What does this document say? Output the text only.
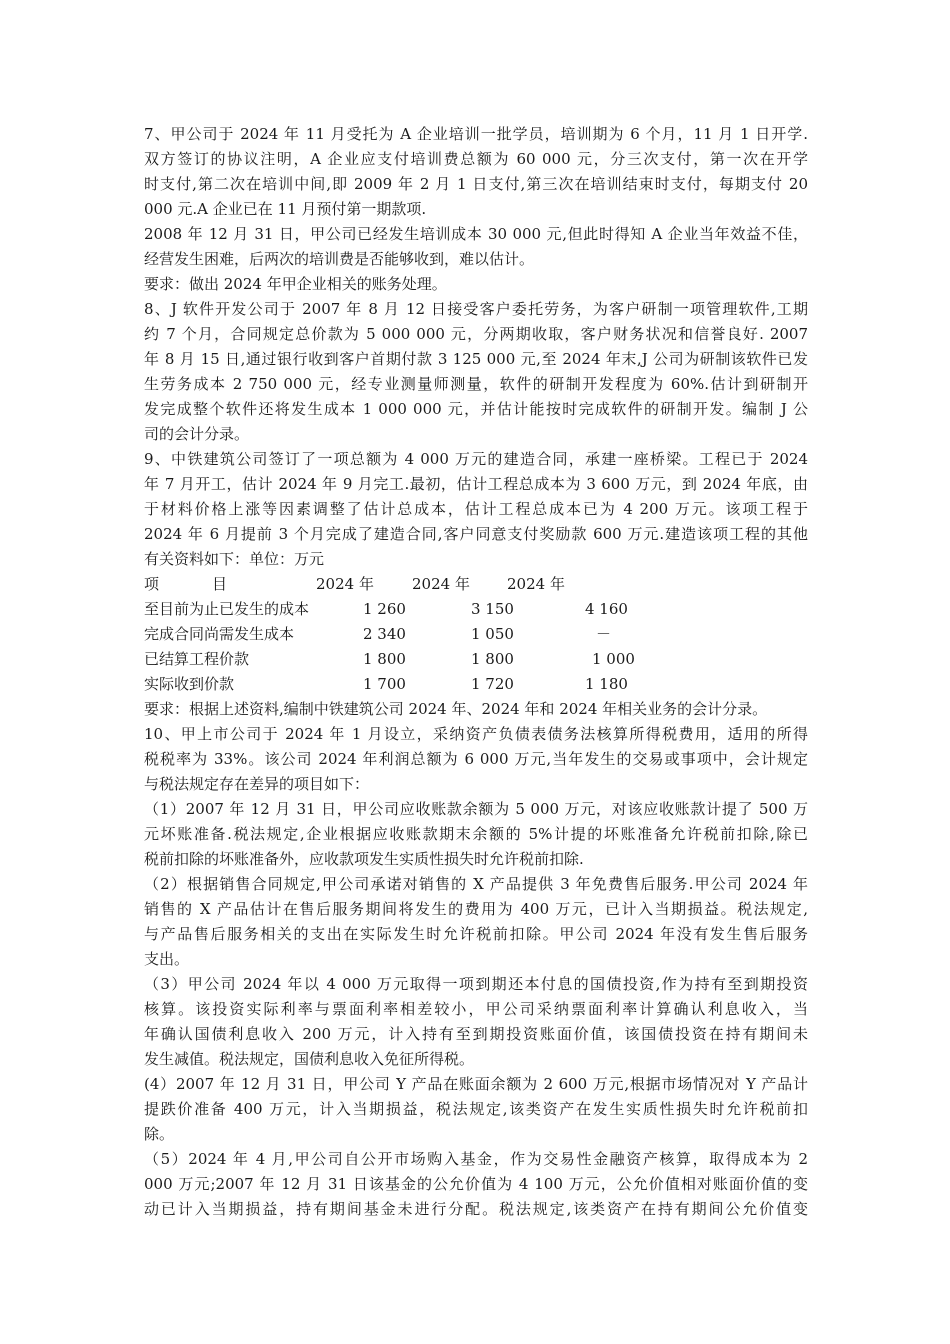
7、甲公司于 2024 年 11 月受托为 A 企业培训一批学员，培训期为 6 个月，11 月 1 日开学.
双方签订的协议注明，A 企业应支付培训费总额为 60 000 元，分三次支付，第一次在开学
时支付,第二次在培训中间,即 2009 年 2 月 1 日支付,第三次在培训结束时支付，每期支付 20
000 元.A 企业已在 11 月预付第一期款项.
2008 年 12 月 31 日，甲公司已经发生培训成本 30 000 元,但此时得知 A 企业当年效益不佳，
经营发生困难，后两次的培训费是否能够收到，难以估计。
要求：做出 2024 年甲企业相关的账务处理。
8、J 软件开发公司于 2007 年 8 月 12 日接受客户委托劳务，为客户研制一项管理软件,工期
约 7 个月，合同规定总价款为 5 000 000 元，分两期收取，客户财务状况和信誉良好. 2007
年 8 月 15 日,通过银行收到客户首期付款 3 125 000 元,至 2024 年末,J 公司为研制该软件已发
生劳务成本 2 750 000 元，经专业测量师测量，软件的研制开发程度为 60%.估计到研制开
发完成整个软件还将发生成本 1 000 000 元，并估计能按时完成软件的研制开发。编制 J 公
司的会计分录。
9、中铁建筑公司签订了一项总额为 4 000 万元的建造合同，承建一座桥梁。工程已于 2024
年 7 月开工，估计 2024 年 9 月完工.最初，估计工程总成本为 3 600 万元，到 2024 年底，由
于材料价格上涨等因素调整了估计总成本，估计工程总成本已为 4 200 万元。该项工程于
2024 年 6 月提前 3 个月完成了建造合同,客户同意支付奖励款 600 万元.建造该项工程的其他
有关资料如下：单位：万元
项	目	2024 年	2024 年 2024 年
至目前为止已发生的成本	1 260	3 150	4 160
完成合同尚需发生成本	2 340	1 050	－
已结算工程价款	1 800	1 800	1 000
实际收到价款	1 700	1 720	1 180
要求：根据上述资料,编制中铁建筑公司 2024 年、2024 年和 2024 年相关业务的会计分录。
10、甲上市公司于 2024 年 1 月设立，采纳资产负债表债务法核算所得税费用，适用的所得
税税率为 33%。该公司 2024 年利润总额为 6 000 万元,当年发生的交易或事项中，会计规定
与税法规定存在差异的项目如下：
（1）2007 年 12 月 31 日，甲公司应收账款余额为 5 000 万元，对该应收账款计提了 500 万
元坏账准备.税法规定,企业根据应收账款期末余额的 5%计提的坏账准备允许税前扣除,除已
税前扣除的坏账准备外，应收款项发生实质性损失时允许税前扣除.
（2）根据销售合同规定,甲公司承诺对销售的 X 产品提供 3 年免费售后服务.甲公司 2024 年
销售的 X 产品估计在售后服务期间将发生的费用为 400 万元，已计入当期损益。税法规定,
与产品售后服务相关的支出在实际发生时允许税前扣除。甲公司 2024 年没有发生售后服务
支出。
（3）甲公司 2024 年以 4 000 万元取得一项到期还本付息的国债投资,作为持有至到期投资
核算。该投资实际利率与票面利率相差较小，甲公司采纳票面利率计算确认利息收入，当
年确认国债利息收入 200 万元，计入持有至到期投资账面价值，该国债投资在持有期间未
发生减值。税法规定，国债利息收入免征所得税。
(4）2007 年 12 月 31 日，甲公司 Y 产品在账面余额为 2 600 万元,根据市场情况对 Y 产品计
提跌价准备 400 万元，计入当期损益，税法规定,该类资产在发生实质性损失时允许税前扣
除。
（5）2024 年 4 月,甲公司自公开市场购入基金，作为交易性金融资产核算，取得成本为 2
000 万元;2007 年 12 月 31 日该基金的公允价值为 4 100 万元，公允价值相对账面价值的变
动已计入当期损益，持有期间基金未进行分配。税法规定,该类资产在持有期间公允价值变
